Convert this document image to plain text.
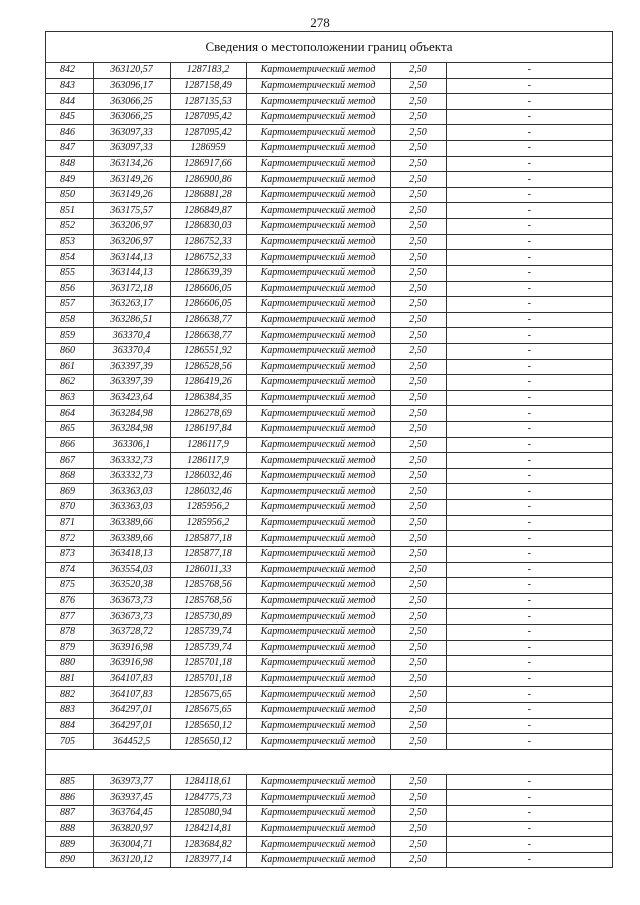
278
Сведения о местоположении границ объекта
842	363120,57	1287183,2	Картометрический метод	2,50	-
843	363096,17	1287158,49	Картометрический метод	2,50	-
844	363066,25	1287135,53	Картометрический метод	2,50	-
845	363066,25	1287095,42	Картометрический метод	2,50	-
846	363097,33	1287095,42	Картометрический метод	2,50	-
847	363097,33	1286959	Картометрический метод	2,50	-
848	363134,26	1286917,66	Картометрический метод	2,50	-
849	363149,26	1286900,86	Картометрический метод	2,50	-
850	363149,26	1286881,28	Картометрический метод	2,50	-
851	363175,57	1286849,87	Картометрический метод	2,50	-
852	363206,97	1286830,03	Картометрический метод	2,50	-
853	363206,97	1286752,33	Картометрический метод	2,50	-
854	363144,13	1286752,33	Картометрический метод	2,50	-
855	363144,13	1286639,39	Картометрический метод	2,50	-
856	363172,18	1286606,05	Картометрический метод	2,50	-
857	363263,17	1286606,05	Картометрический метод	2,50	-
858	363286,51	1286638,77	Картометрический метод	2,50	-
859	363370,4	1286638,77	Картометрический метод	2,50	-
860	363370,4	1286551,92	Картометрический метод	2,50	-
861	363397,39	1286528,56	Картометрический метод	2,50	-
862	363397,39	1286419,26	Картометрический метод	2,50	-
863	363423,64	1286384,35	Картометрический метод	2,50	-
864	363284,98	1286278,69	Картометрический метод	2,50	-
865	363284,98	1286197,84	Картометрический метод	2,50	-
866	363306,1	1286117,9	Картометрический метод	2,50	-
867	363332,73	1286117,9	Картометрический метод	2,50	-
868	363332,73	1286032,46	Картометрический метод	2,50	-
869	363363,03	1286032,46	Картометрический метод	2,50	-
870	363363,03	1285956,2	Картометрический метод	2,50	-
871	363389,66	1285956,2	Картометрический метод	2,50	-
872	363389,66	1285877,18	Картометрический метод	2,50	-
873	363418,13	1285877,18	Картометрический метод	2,50	-
874	363554,03	1286011,33	Картометрический метод	2,50	-
875	363520,38	1285768,56	Картометрический метод	2,50	-
876	363673,73	1285768,56	Картометрический метод	2,50	-
877	363673,73	1285730,89	Картометрический метод	2,50	-
878	363728,72	1285739,74	Картометрический метод	2,50	-
879	363916,98	1285739,74	Картометрический метод	2,50	-
880	363916,98	1285701,18	Картометрический метод	2,50	-
881	364107,83	1285701,18	Картометрический метод	2,50	-
882	364107,83	1285675,65	Картометрический метод	2,50	-
883	364297,01	1285675,65	Картометрический метод	2,50	-
884	364297,01	1285650,12	Картометрический метод	2,50	-
705	364452,5	1285650,12	Картометрический метод	2,50	-

885	363973,77	1284118,61	Картометрический метод	2,50	-
886	363937,45	1284775,73	Картометрический метод	2,50	-
887	363764,45	1285080,94	Картометрический метод	2,50	-
888	363820,97	1284214,81	Картометрический метод	2,50	-
889	363004,71	1283684,82	Картометрический метод	2,50	-
890	363120,12	1283977,14	Картометрический метод	2,50	-
